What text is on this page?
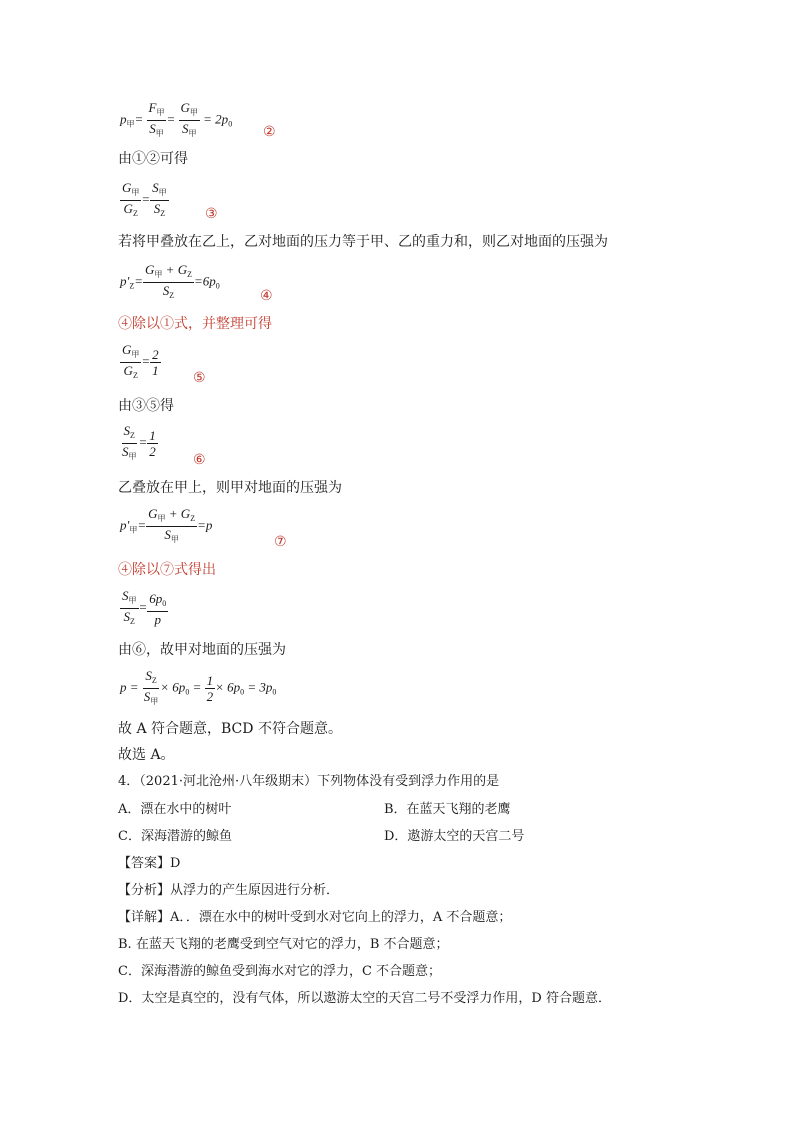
$p_甲= \frac{F_甲}{S_甲} = \frac{G_甲}{S_甲} = 2p_0$
②
由①②可得
$\frac{G_甲}{G_Z} = \frac{S_甲}{S_Z}$	③
若将甲叠放在乙上，乙对地面的压力等于甲、乙的重力和，则乙对地面的压强为
$p'_Z= \frac{G_甲 + G_Z}{S_Z} =6p_0$
④
④除以①式，并整理可得
$\frac{G_甲}{G_Z} = \frac{2}{1}$ ⑤
由③⑤得
$\frac{S_Z}{S_甲} = \frac{1}{2}$
⑥
乙叠放在甲上，则甲对地面的压强为
$p'_甲= \frac{G_甲 + G_Z}{S_甲} =p$
⑦
④除以⑦式得出
$\frac{S_甲}{S_Z} = \frac{6p_0}{p}$
由⑥，故甲对地面的压强为
$p = \frac{S_Z}{S_甲} \times 6p_0 = \frac{1}{2} \times 6p_0 = 3p_0$
故 A 符合题意，BCD 不符合题意。
故选 A。
4．（2021·河北沧州·八年级期末）下列物体没有受到浮力作用的是
A．漂在水中的树叶	B．在蓝天飞翔的老鹰
C．深海潜游的鲸鱼	D．遨游太空的天宫二号
【答案】D
【分析】从浮力的产生原因进行分析．
【详解】A．．漂在水中的树叶受到水对它向上的浮力，A 不合题意；
B. 在蓝天飞翔的老鹰受到空气对它的浮力，B 不合题意；
C．深海潜游的鲸鱼受到海水对它的浮力，C 不合题意；
D．太空是真空的，没有气体，所以遨游太空的天宫二号不受浮力作用，D 符合题意．
